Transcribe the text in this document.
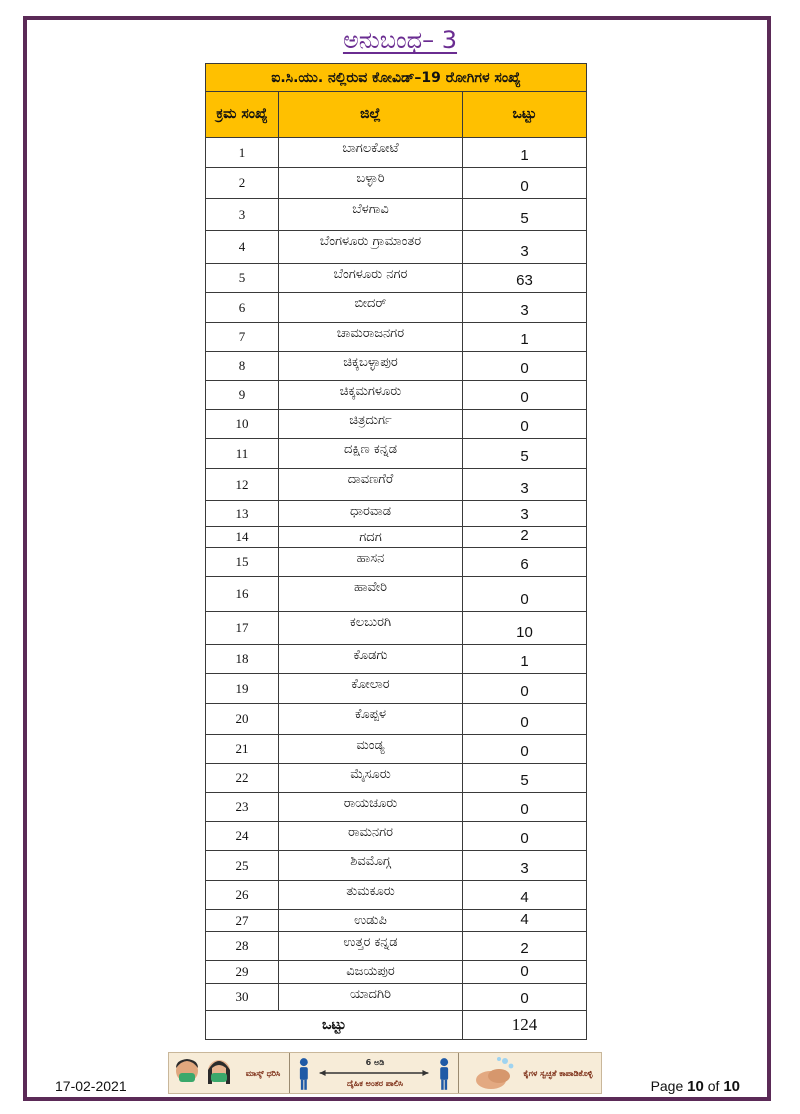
ಅನುಬಂಧ– 3
ಐ.ಸಿ.ಯು. ನಲ್ಲಿರುವ ಕೋವಿಡ್–19 ರೋಗಿಗಳ ಸಂಖ್ಯೆ		
ಕ್ರಮ ಸಂಖ್ಯೆ	ಜಿಲ್ಲೆ	ಒಟ್ಟು
1	ಬಾಗಲಕೋಟೆ	1
2	ಬಳ್ಳಾರಿ	0
3	ಬೆಳಗಾವಿ	5
4	ಬೆಂಗಳೂರು ಗ್ರಾಮಾಂತರ	3
5	ಬೆಂಗಳೂರು ನಗರ	63
6	ಬೀದರ್	3
7	ಚಾಮರಾಜನಗರ	1
8	ಚಿಕ್ಕಬಳ್ಳಾಪುರ	0
9	ಚಿಕ್ಕಮಗಳೂರು	0
10	ಚಿತ್ರದುರ್ಗ	0
11	ದಕ್ಷಿಣ ಕನ್ನಡ	5
12	ದಾವಣಗೆರೆ	3
13	ಧಾರವಾಡ	3
14	ಗದಗ	2
15	ಹಾಸನ	6
16	ಹಾವೇರಿ	0
17	ಕಲಬುರಗಿ	10
18	ಕೊಡಗು	1
19	ಕೋಲಾರ	0
20	ಕೊಪ್ಪಳ	0
21	ಮಂಡ್ಯ	0
22	ಮೈಸೂರು	5
23	ರಾಯಚೂರು	0
24	ರಾಮನಗರ	0
25	ಶಿವಮೊಗ್ಗ	3
26	ತುಮಕೂರು	4
27	ಉಡುಪಿ	4
28	ಉತ್ತರ ಕನ್ನಡ	2
29	ವಿಜಯಪುರ	0
30	ಯಾದಗಿರಿ	0
ಒಟ್ಟು		124
ಮಾಸ್ಕ್ ಧರಿಸಿ
6 ಅಡಿ
ದೈಹಿಕ ಅಂತರ ಪಾಲಿಸಿ
ಕೈಗಳ ಸ್ವಚ್ಛತೆ ಕಾಪಾಡಿಕೊಳ್ಳಿ
17-02-2021	Page 10 of 10
